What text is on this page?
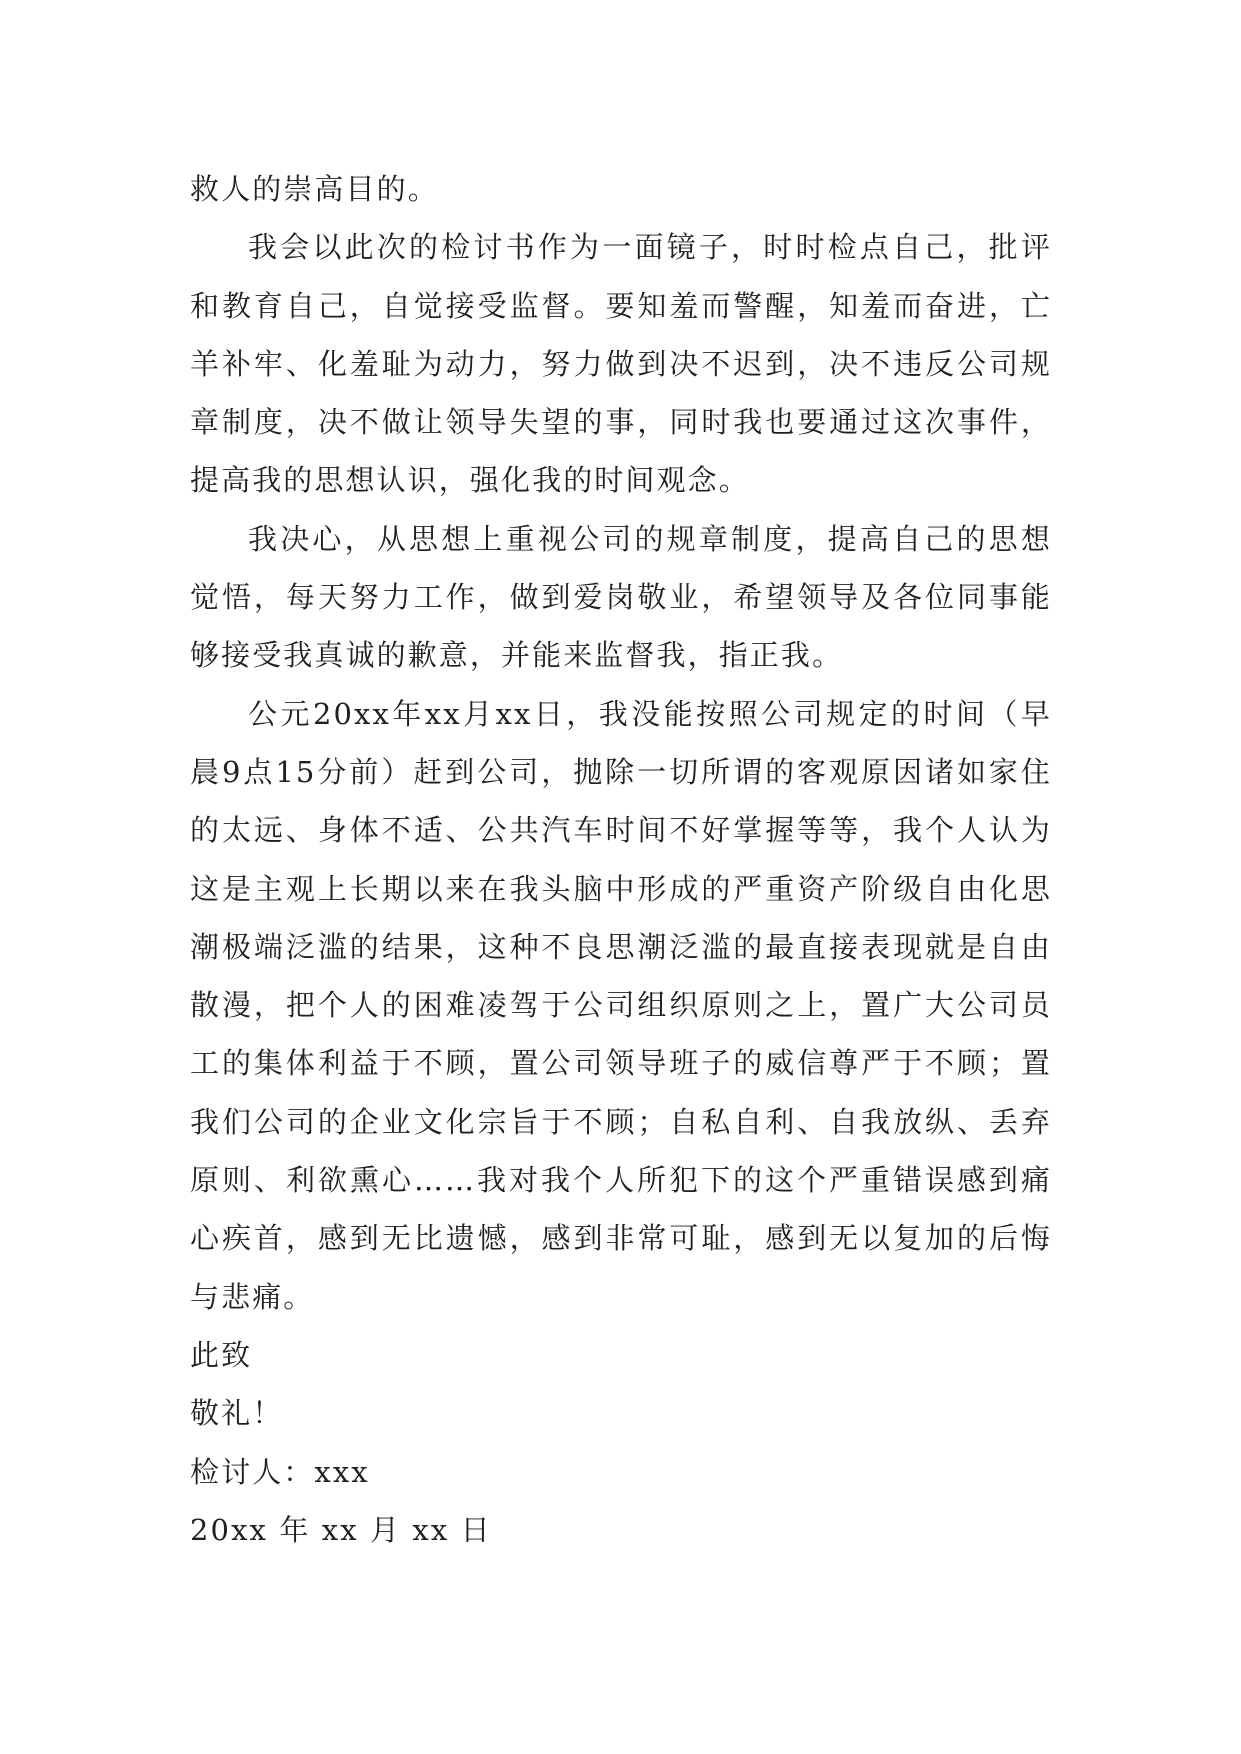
救人的崇高目的。

我会以此次的检讨书作为一面镜子，时时检点自己，批评和教育自己，自觉接受监督。要知羞而警醒，知羞而奋进，亡羊补牢、化羞耻为动力，努力做到决不迟到，决不违反公司规章制度，决不做让领导失望的事，同时我也要通过这次事件，提高我的思想认识，强化我的时间观念。

我决心，从思想上重视公司的规章制度，提高自己的思想觉悟，每天努力工作，做到爱岗敬业，希望领导及各位同事能够接受我真诚的歉意，并能来监督我，指正我。

公元20xx年xx月xx日，我没能按照公司规定的时间（早晨9点15分前）赶到公司，抛除一切所谓的客观原因诸如家住的太远、身体不适、公共汽车时间不好掌握等等，我个人认为这是主观上长期以来在我头脑中形成的严重资产阶级自由化思潮极端泛滥的结果，这种不良思潮泛滥的最直接表现就是自由散漫，把个人的困难凌驾于公司组织原则之上，置广大公司员工的集体利益于不顾，置公司领导班子的威信尊严于不顾；置我们公司的企业文化宗旨于不顾；自私自利、自我放纵、丢弃原则、利欲熏心……我对我个人所犯下的这个严重错误感到痛心疾首，感到无比遗憾，感到非常可耻，感到无以复加的后悔与悲痛。

此致

敬礼！

检讨人：xxx

20xx 年 xx 月 xx 日
